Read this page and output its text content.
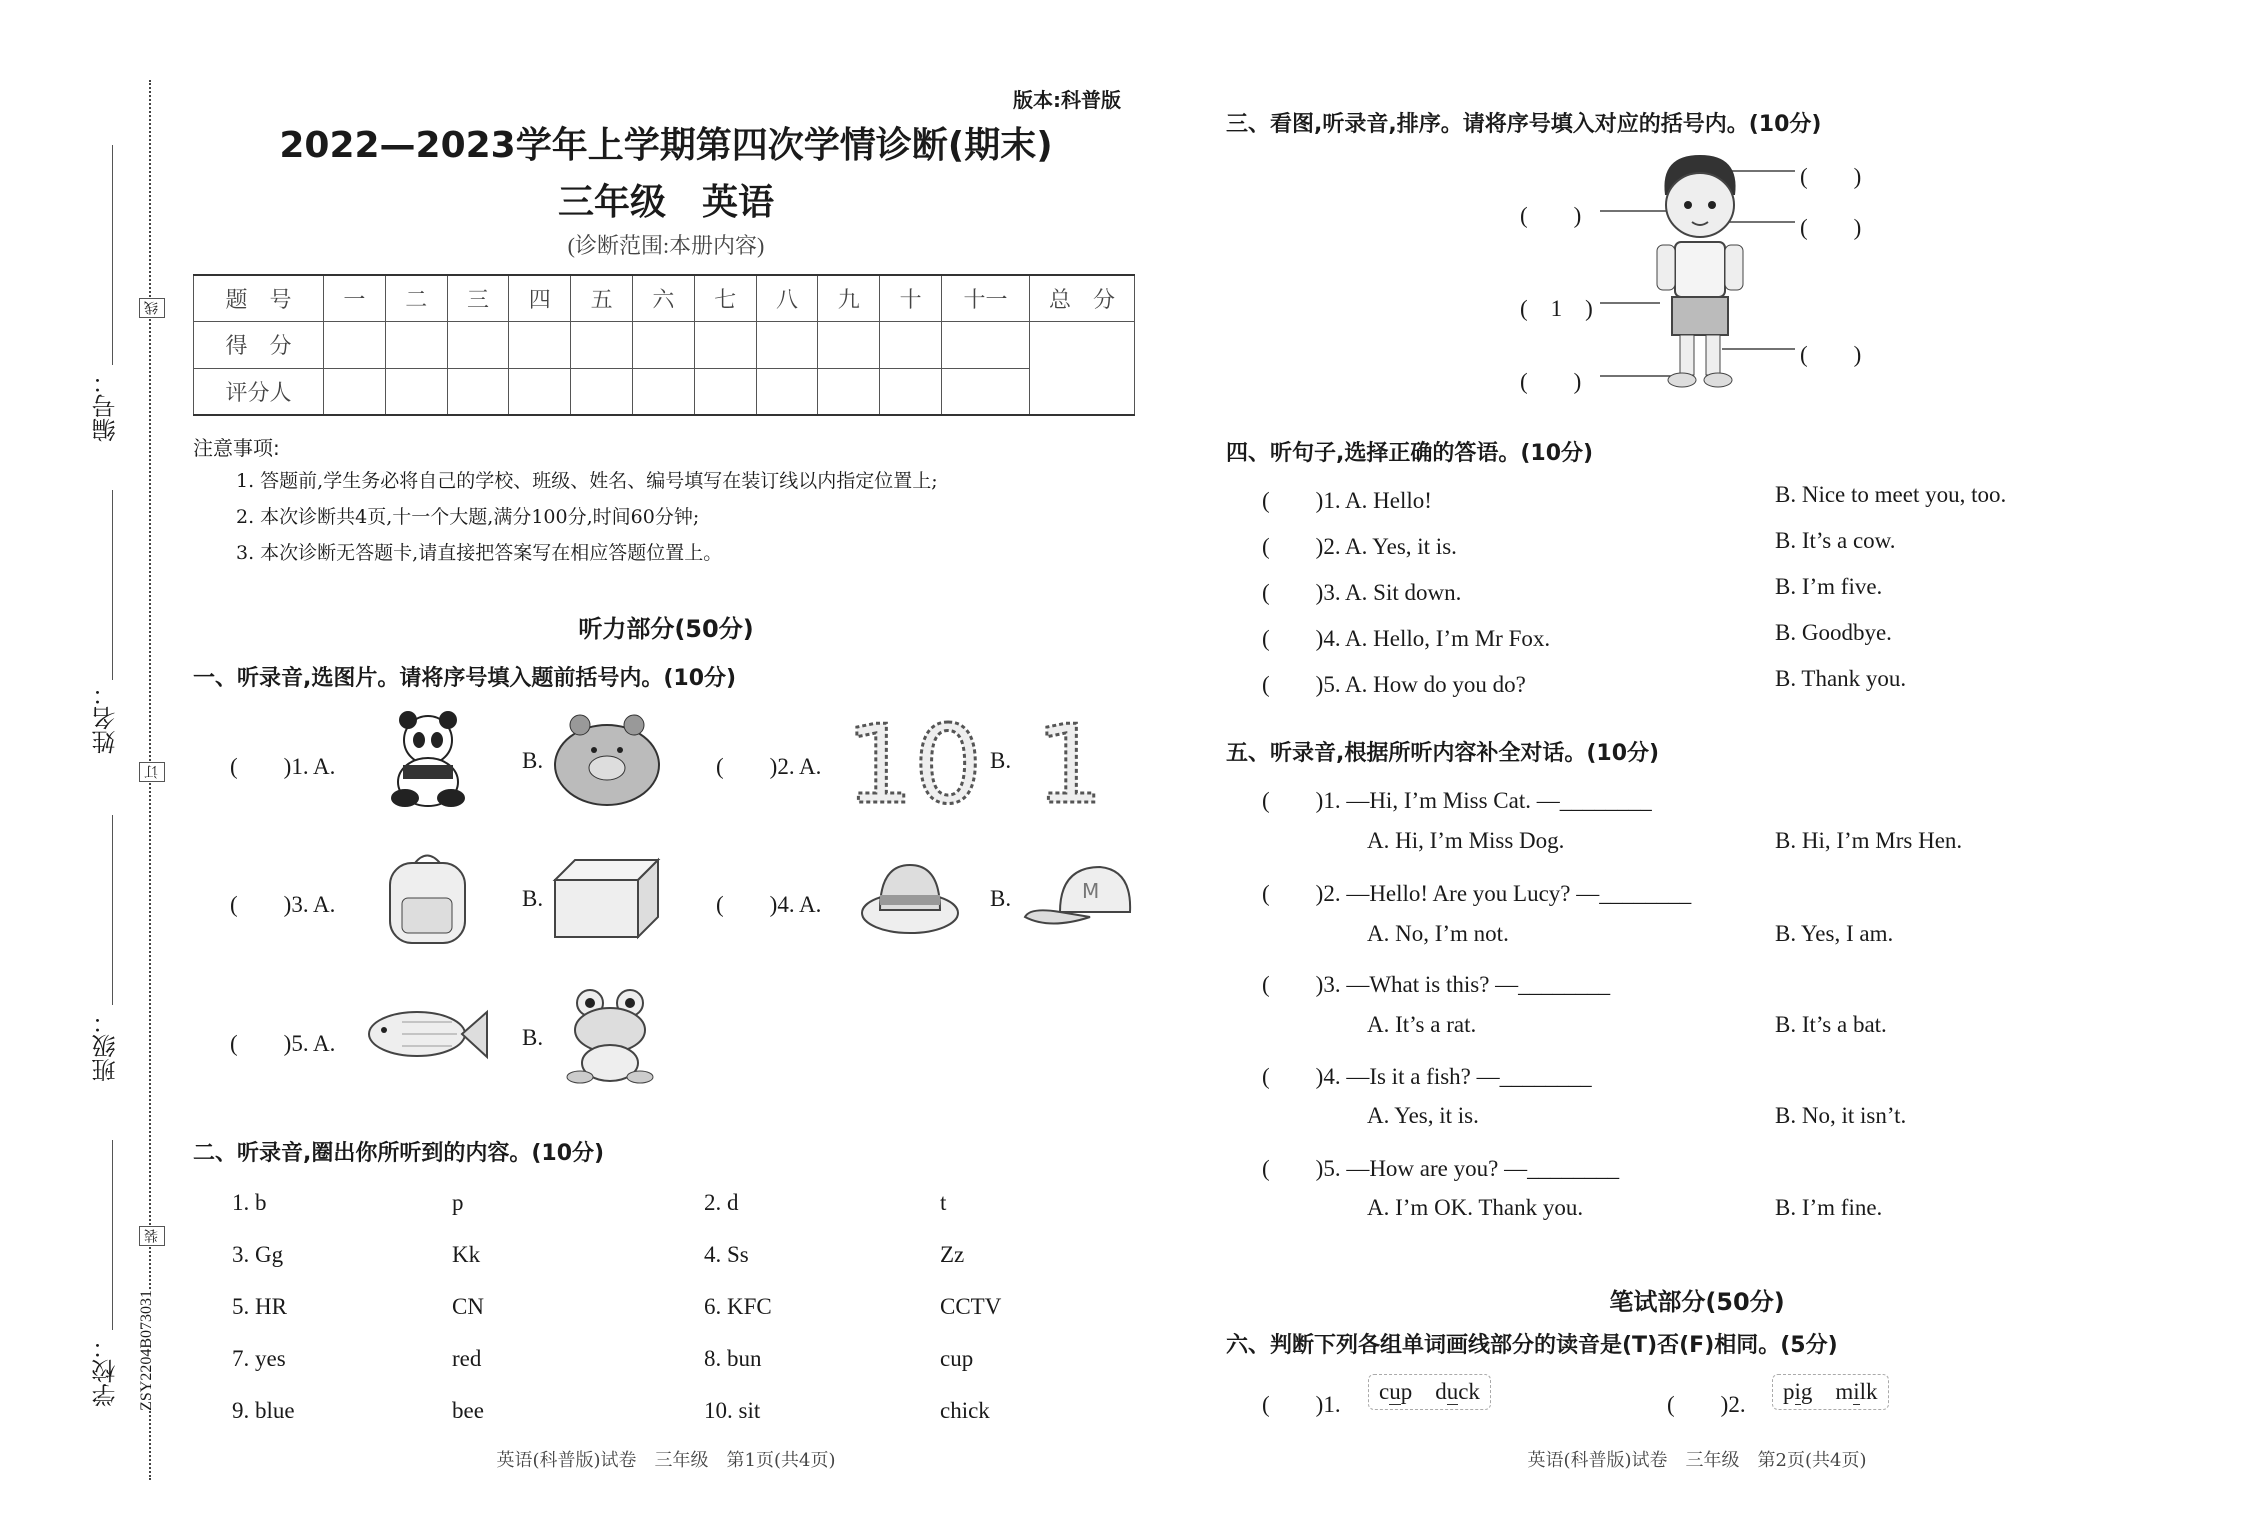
学校：
班级：
姓名：
编号：
线
订
装
ZSY2204B073031
版本:科普版
2022—2023学年上学期第四次学情诊断(期末)
三年级　英语
(诊断范围:本册内容)
题　号	一	二	三	四	五	六	七	八	九	十	十一	总　分
得　分												
评分人												
注意事项:
1. 答题前,学生务必将自己的学校、班级、姓名、编号填写在装订线以内指定位置上;
2. 本次诊断共4页,十一个大题,满分100分,时间60分钟;
3. 本次诊断无答题卡,请直接把答案写在相应答题位置上。
听力部分(50分)
一、听录音,选图片。请将序号填入题前括号内。(10分)
(　　)1. A.	B.	(　　)2. A.	B.
(　　)3. A.	B.	(　　)4. A.	B.
(　　)5. A.	B.
10 1
M
二、听录音,圈出你所听到的内容。(10分)
1. b	p	2. d	t
3. Gg	Kk	4. Ss	Zz
5. HR	CN	6. KFC	CCTV
7. yes	red	8. bun	cup
9. blue	bee	10. sit	chick
英语(科普版)试卷　三年级　第1页(共4页)
三、看图,听录音,排序。请将序号填入对应的括号内。(10分)
(　　)
(　1　)
(　　)
(　　)
(　　)
(　　)
四、听句子,选择正确的答语。(10分)
(　　)1. A. Hello!	B. Nice to meet you, too.
(　　)2. A. Yes, it is.	B. It’s a cow.
(　　)3. A. Sit down.	B. I’m five.
(　　)4. A. Hello, I’m Mr Fox.	B. Goodbye.
(　　)5. A. How do you do?	B. Thank you.
五、听录音,根据所听内容补全对话。(10分)
(　　)1. —Hi, I’m Miss Cat. —________
A. Hi, I’m Miss Dog.	B. Hi, I’m Mrs Hen.
(　　)2. —Hello! Are you Lucy? —________
A. No, I’m not.	B. Yes, I am.
(　　)3. —What is this? —________
A. It’s a rat.	B. It’s a bat.
(　　)4. —Is it a fish? —________
A. Yes, it is.	B. No, it isn’t.
(　　)5. —How are you? —________
A. I’m OK. Thank you.	B. I’m fine.
笔试部分(50分)
六、判断下列各组单词画线部分的读音是(T)否(F)相同。(5分)
(　　)1.
cup duck
(　　)2.
pig milk
英语(科普版)试卷　三年级　第2页(共4页)
